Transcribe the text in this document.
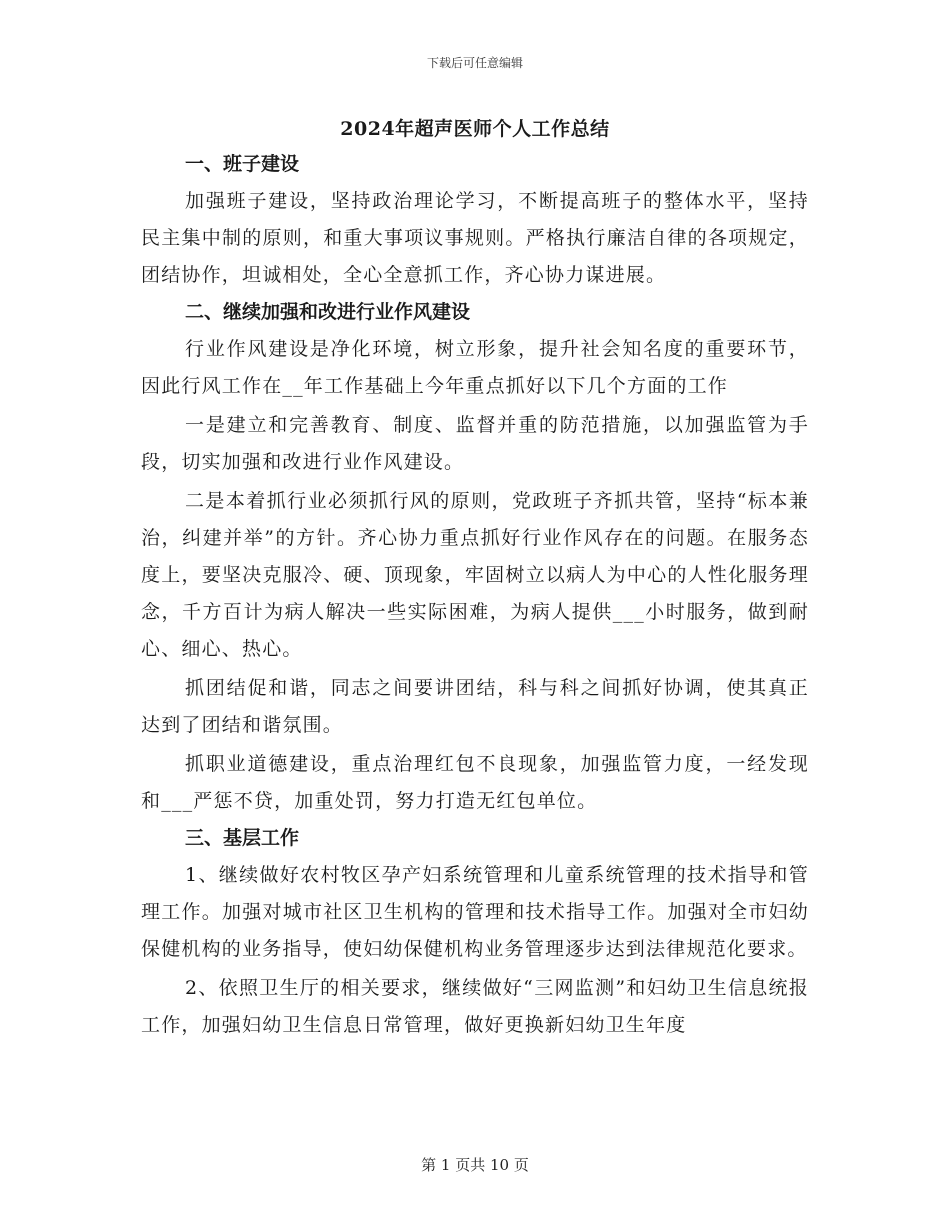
下载后可任意编辑
2024年超声医师个人工作总结

一、班子建设

加强班子建设，坚持政治理论学习，不断提高班子的整体水平，坚持民主集中制的原则，和重大事项议事规则。严格执行廉洁自律的各项规定，团结协作，坦诚相处，全心全意抓工作，齐心协力谋进展。

二、继续加强和改进行业作风建设

行业作风建设是净化环境，树立形象，提升社会知名度的重要环节，因此行风工作在__年工作基础上今年重点抓好以下几个方面的工作

一是建立和完善教育、制度、监督并重的防范措施，以加强监管为手段，切实加强和改进行业作风建设。

二是本着抓行业必须抓行风的原则，党政班子齐抓共管，坚持“标本兼治，纠建并举”的方针。齐心协力重点抓好行业作风存在的问题。在服务态度上，要坚决克服冷、硬、顶现象，牢固树立以病人为中心的人性化服务理念，千方百计为病人解决一些实际困难，为病人提供___小时服务，做到耐心、细心、热心。

抓团结促和谐，同志之间要讲团结，科与科之间抓好协调，使其真正达到了团结和谐氛围。

抓职业道德建设，重点治理红包不良现象，加强监管力度，一经发现和___严惩不贷，加重处罚，努力打造无红包单位。

三、基层工作

1、继续做好农村牧区孕产妇系统管理和儿童系统管理的技术指导和管理工作。加强对城市社区卫生机构的管理和技术指导工作。加强对全市妇幼保健机构的业务指导，使妇幼保健机构业务管理逐步达到法律规范化要求。

2、依照卫生厅的相关要求，继续做好“三网监测”和妇幼卫生信息统报工作，加强妇幼卫生信息日常管理，做好更换新妇幼卫生年度

第 1 页共 10 页
